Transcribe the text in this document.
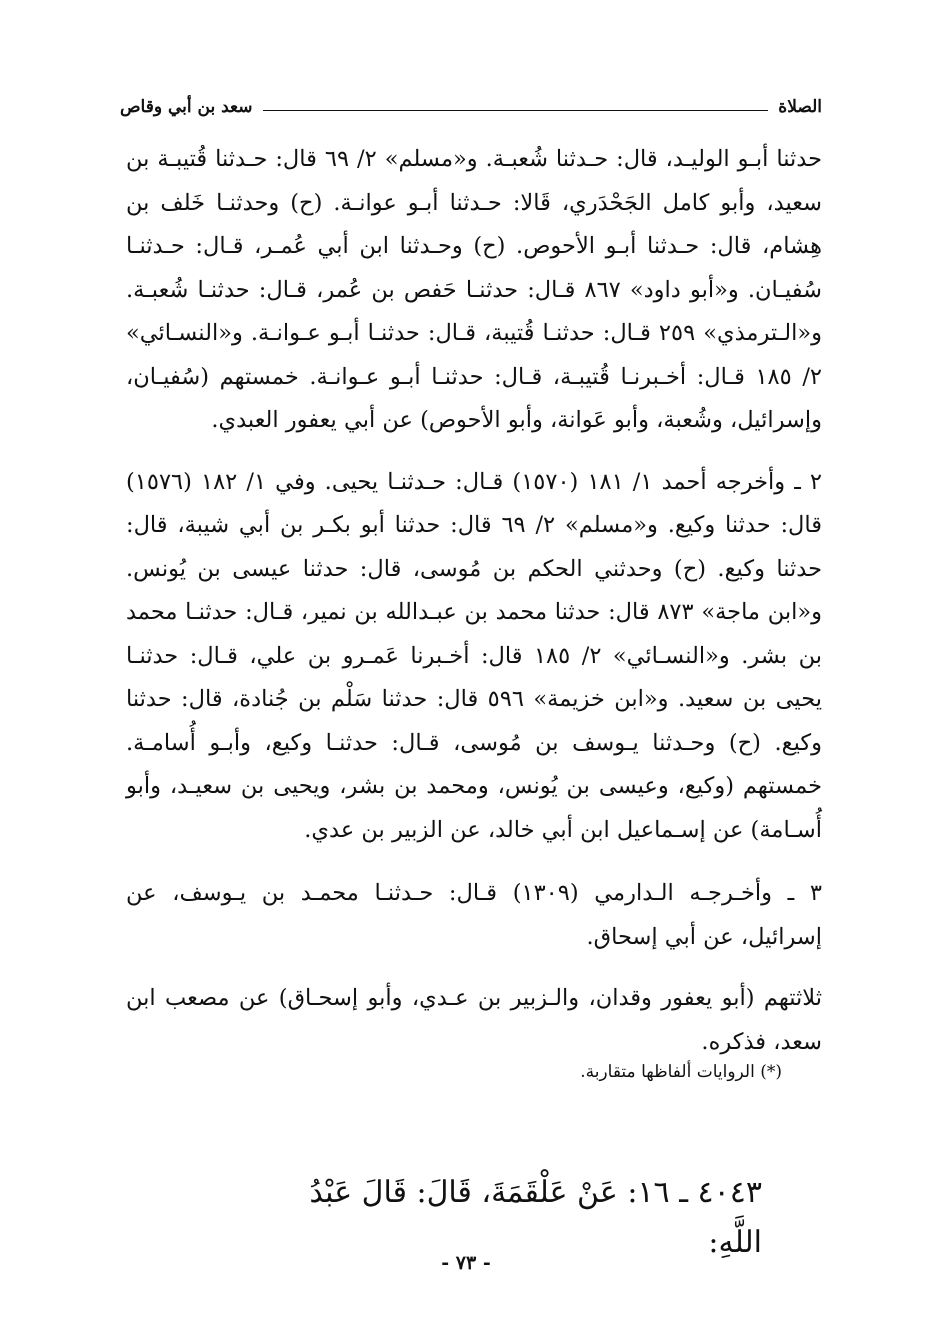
الصلاة
سعد بن أبي وقاص

حدثنا أبـو الوليـد، قال: حـدثنا شُعبـة. و«مسلم» ٢/ ٦٩ قال: حـدثنا قُتيبـة بن سعيد، وأبو كامل الجَحْدَري، قَالا: حـدثنا أبـو عوانـة. (ح) وحدثنـا خَلف بن هِشام، قال: حـدثنا أبـو الأحوص. (ح) وحـدثنا ابن أبي عُمـر، قـال: حـدثنـا سُفيـان. و«أبو داود» ٨٦٧ قـال: حدثنـا حَفص بن عُمر، قـال: حدثنـا شُعبـة. و«الـترمذي» ٢٥٩ قـال: حدثنـا قُتيبة، قـال: حدثنـا أبـو عـوانـة. و«النسـائي» ٢/ ١٨٥ قـال: أخـبرنـا قُتيبـة، قـال: حدثنـا أبـو عـوانـة. خمستهم (سُفيـان، وإسرائيل، وشُعبة، وأبو عَوانة، وأبو الأحوص) عن أبي يعفور العبدي.

٢ ـ وأخرجه أحمد ١/ ١٨١ (١٥٧٠) قـال: حـدثنـا يحيى. وفي ١/ ١٨٢ (١٥٧٦) قال: حدثنا وكيع. و«مسلم» ٢/ ٦٩ قال: حدثنا أبو بكـر بن أبي شيبة، قال: حدثنا وكيع. (ح) وحدثني الحكم بن مُوسى، قال: حدثنا عيسى بن يُونس. و«ابن ماجة» ٨٧٣ قال: حدثنا محمد بن عبـدالله بن نمير، قـال: حدثنـا محمد بن بشر. و«النسـائي» ٢/ ١٨٥ قال: أخـبرنا عَمـرو بن علي، قـال: حدثنـا يحيى بن سعيد. و«ابن خزيمة» ٥٩٦ قال: حدثنا سَلْم بن جُنادة، قال: حدثنا وكيع. (ح) وحـدثنا يـوسف بن مُوسى، قـال: حدثنـا وكيع، وأبـو أُسامـة. خمستهم (وكيع، وعيسى بن يُونس، ومحمد بن بشر، ويحيى بن سعيـد، وأبو أُسـامة) عن إسـماعيل ابن أبي خالد، عن الزبير بن عدي.

٣ ـ وأخـرجـه الـدارمي (١٣٠٩) قـال: حـدثنـا محمـد بن يـوسف، عن إسرائيل، عن أبي إسحاق.

ثلاثتهم (أبو يعفور وقدان، والـزبير بن عـدي، وأبو إسحـاق) عن مصعب ابن سعد، فذكره.

(*) الروايات ألفاظها متقاربة.
٤٠٤٣ ـ ١٦: عَنْ عَلْقَمَةَ، قَالَ: قَالَ عَبْدُ اللَّهِ:
- ٧٣ -
